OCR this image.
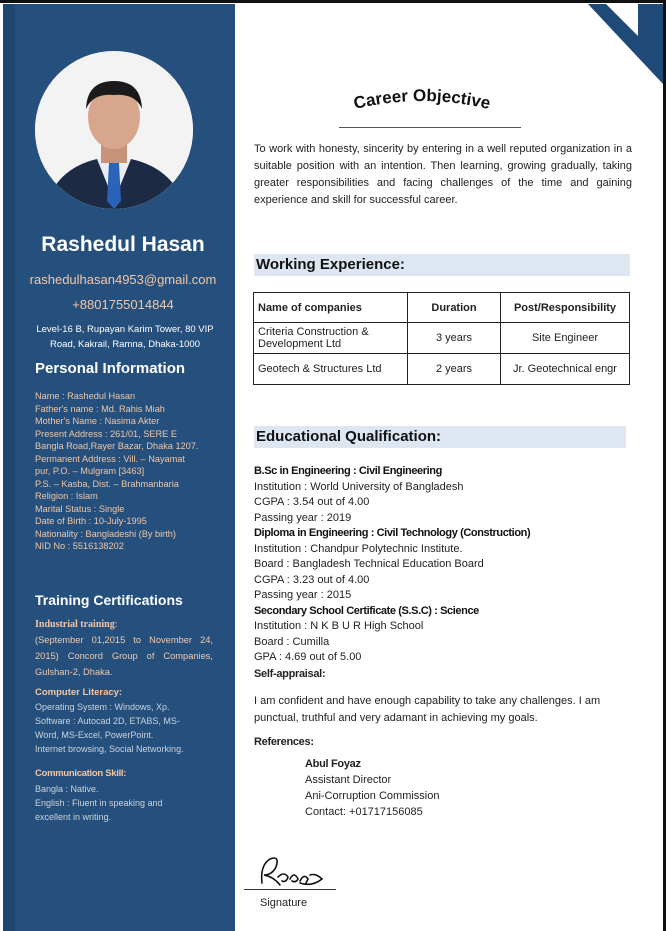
Rashedul Hasan
rashedulhasan4953@gmail.com
+8801755014844
Level-16 B, Rupayan Karim Tower, 80 VIP
Road, Kakrail, Ramna, Dhaka-1000
Personal Information
Name : Rashedul Hasan
Father's name : Md. Rahis Miah
Mother's Name : Nasima Akter
Present Address : 261/01, SERE E
Bangla Road,Rayer Bazar, Dhaka 1207.
Permanent Address : Vill. – Nayamat
pur, P.O. – Mulgram [3463]
P.S. – Kasba, Dist. – Brahmanbaria
Religion : Islam
Marital Status : Single
Date of Birth : 10-July-1995
Nationality : Bangladeshi (By birth)
NID No : 5516138202
Training Certifications
Industrial training:
(September 01,2015 to November 24, 2015) Concord Group of Companies, Gulshan-2, Dhaka.
Computer Literacy:
Operating System : Windows, Xp.
Software : Autocad 2D, ETABS, MS-
Word, MS-Excel, PowerPoint.
Internet browsing, Social Networking.
Communication Skill:
Bangla : Native.
English : Fluent in speaking and
excellent in writing.
Career Objective
To work with honesty, sincerity by entering in a well reputed organization in a suitable position with an intention. Then learning, growing gradually, taking greater responsibilities and facing challenges of the time and gaining experience and skill for successful career.
Working Experience:
Name of companies	Duration	Post/Responsibility
Criteria Construction & Development Ltd	3 years	Site Engineer
Geotech & Structures Ltd	2 years	Jr. Geotechnical engr
Educational Qualification:
B.Sc in Engineering : Civil Engineering
Institution : World University of Bangladesh
CGPA : 3.54 out of 4.00
Passing year : 2019
Diploma in Engineering : Civil Technology (Construction)
Institution : Chandpur Polytechnic Institute.
Board : Bangladesh Technical Education Board
CGPA : 3.23 out of 4.00
Passing year : 2015
Secondary School Certificate (S.S.C) : Science
Institution : N K B U R High School
Board : Cumilla
GPA : 4.69 out of 5.00
Self-appraisal:
I am confident and have enough capability to take any challenges. I am punctual, truthful and very adamant in achieving my goals.
References:
Abul Foyaz
Assistant Director
Ani-Corruption Commission
Contact: +01717156085
Signature
